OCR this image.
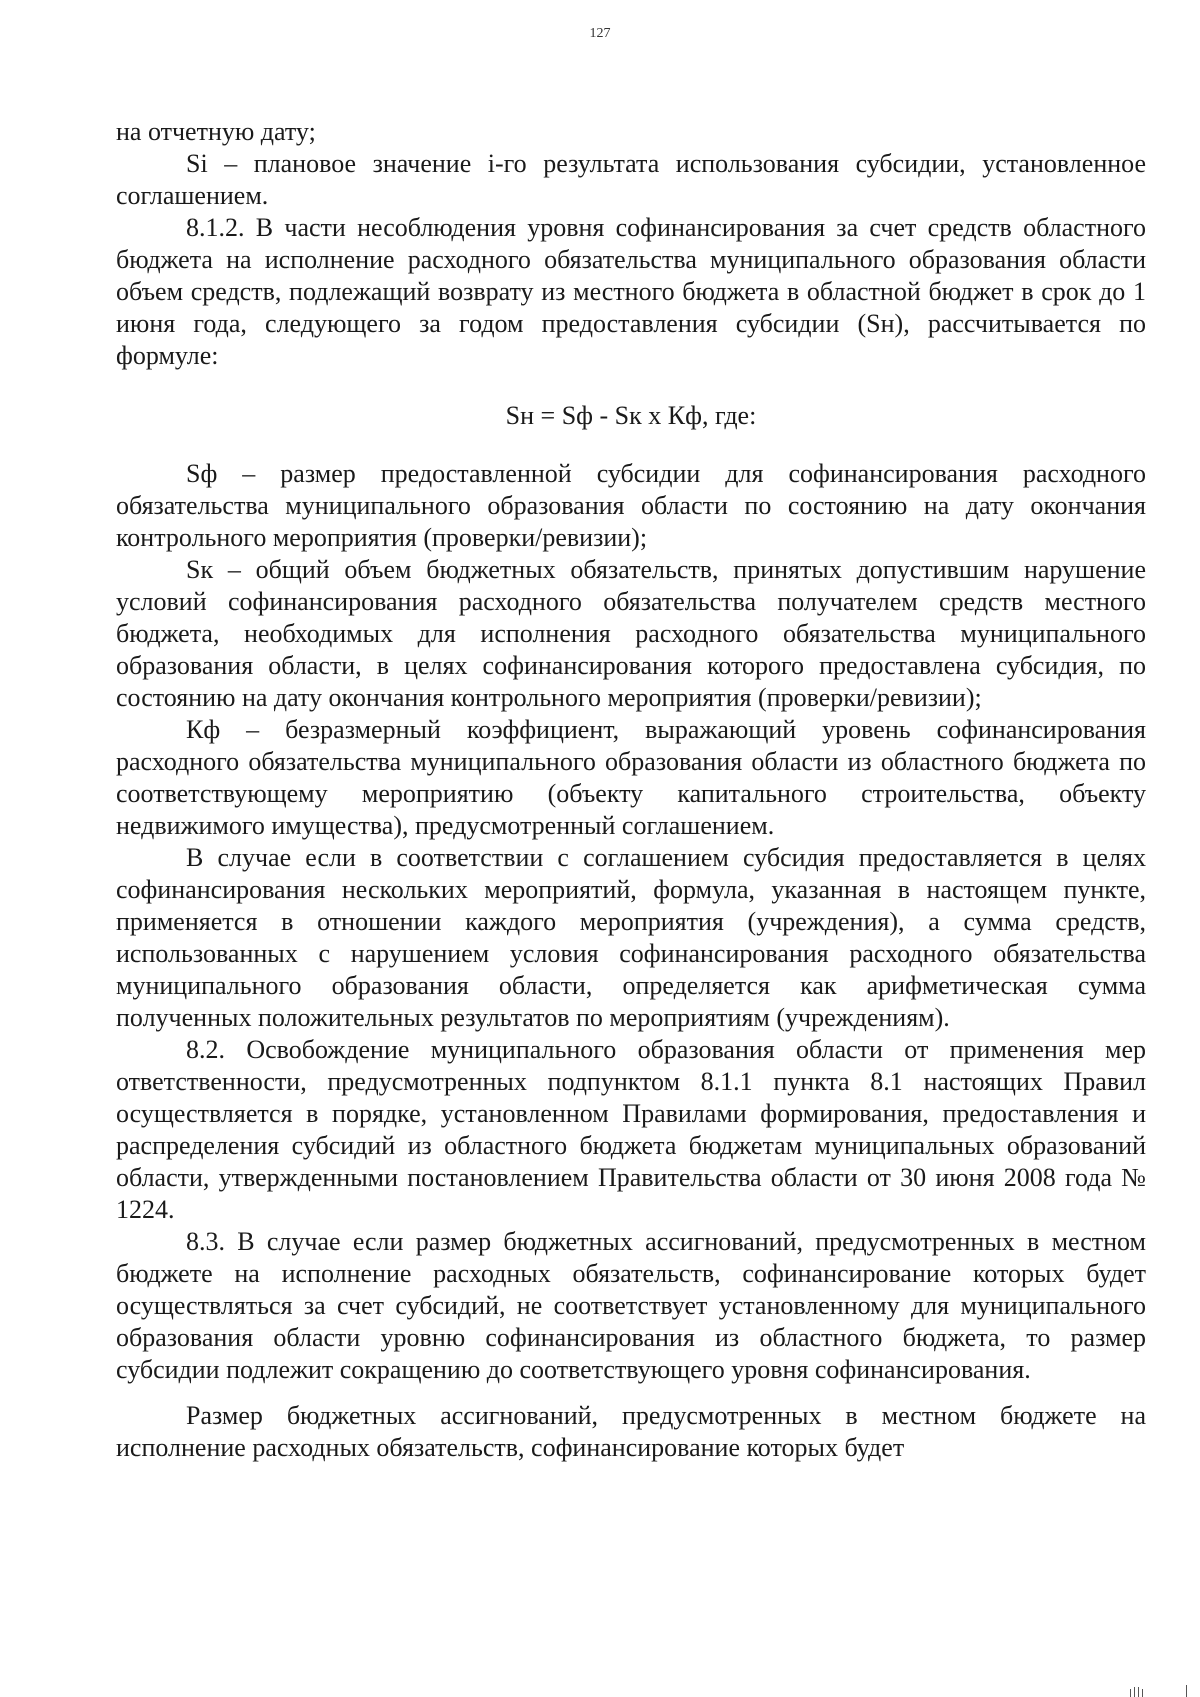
127

на отчетную дату;

Si – плановое значение i-го результата использования субсидии, установленное соглашением.

8.1.2. В части несоблюдения уровня софинансирования за счет средств областного бюджета на исполнение расходного обязательства муниципального образования области объем средств, подлежащий возврату из местного бюджета в областной бюджет в срок до 1 июня года, следующего за годом предоставления субсидии (Sн), рассчитывается по формуле:

Sн = Sф - Sк х Кф, где:

Sф – размер предоставленной субсидии для софинансирования расходного обязательства муниципального образования области по состоянию на дату окончания контрольного мероприятия (проверки/ревизии);

Sк – общий объем бюджетных обязательств, принятых допустившим нарушение условий софинансирования расходного обязательства получателем средств местного бюджета, необходимых для исполнения расходного обязательства муниципального образования области, в целях софинансирования которого предоставлена субсидия, по состоянию на дату окончания контрольного мероприятия (проверки/ревизии);

Кф – безразмерный коэффициент, выражающий уровень софинансирования расходного обязательства муниципального образования области из областного бюджета по соответствующему мероприятию (объекту капитального строительства, объекту недвижимого имущества), предусмотренный соглашением.

В случае если в соответствии с соглашением субсидия предоставляется в целях софинансирования нескольких мероприятий, формула, указанная в настоящем пункте, применяется в отношении каждого мероприятия (учреждения), а сумма средств, использованных с нарушением условия софинансирования расходного обязательства муниципального образования области, определяется как арифметическая сумма полученных положительных результатов по мероприятиям (учреждениям).

8.2. Освобождение муниципального образования области от применения мер ответственности, предусмотренных подпунктом 8.1.1 пункта 8.1 настоящих Правил осуществляется в порядке, установленном Правилами формирования, предоставления и распределения субсидий из областного бюджета бюджетам муниципальных образований области, утвержденными постановлением Правительства области от 30 июня 2008 года № 1224.

8.3. В случае если размер бюджетных ассигнований, предусмотренных в местном бюджете на исполнение расходных обязательств, софинансирование которых будет осуществляться за счет субсидий, не соответствует установленному для муниципального образования области уровню софинансирования из областного бюджета, то размер субсидии подлежит сокращению до соответствующего уровня софинансирования.

Размер бюджетных ассигнований, предусмотренных в местном бюджете на исполнение расходных обязательств, софинансирование которых будет
